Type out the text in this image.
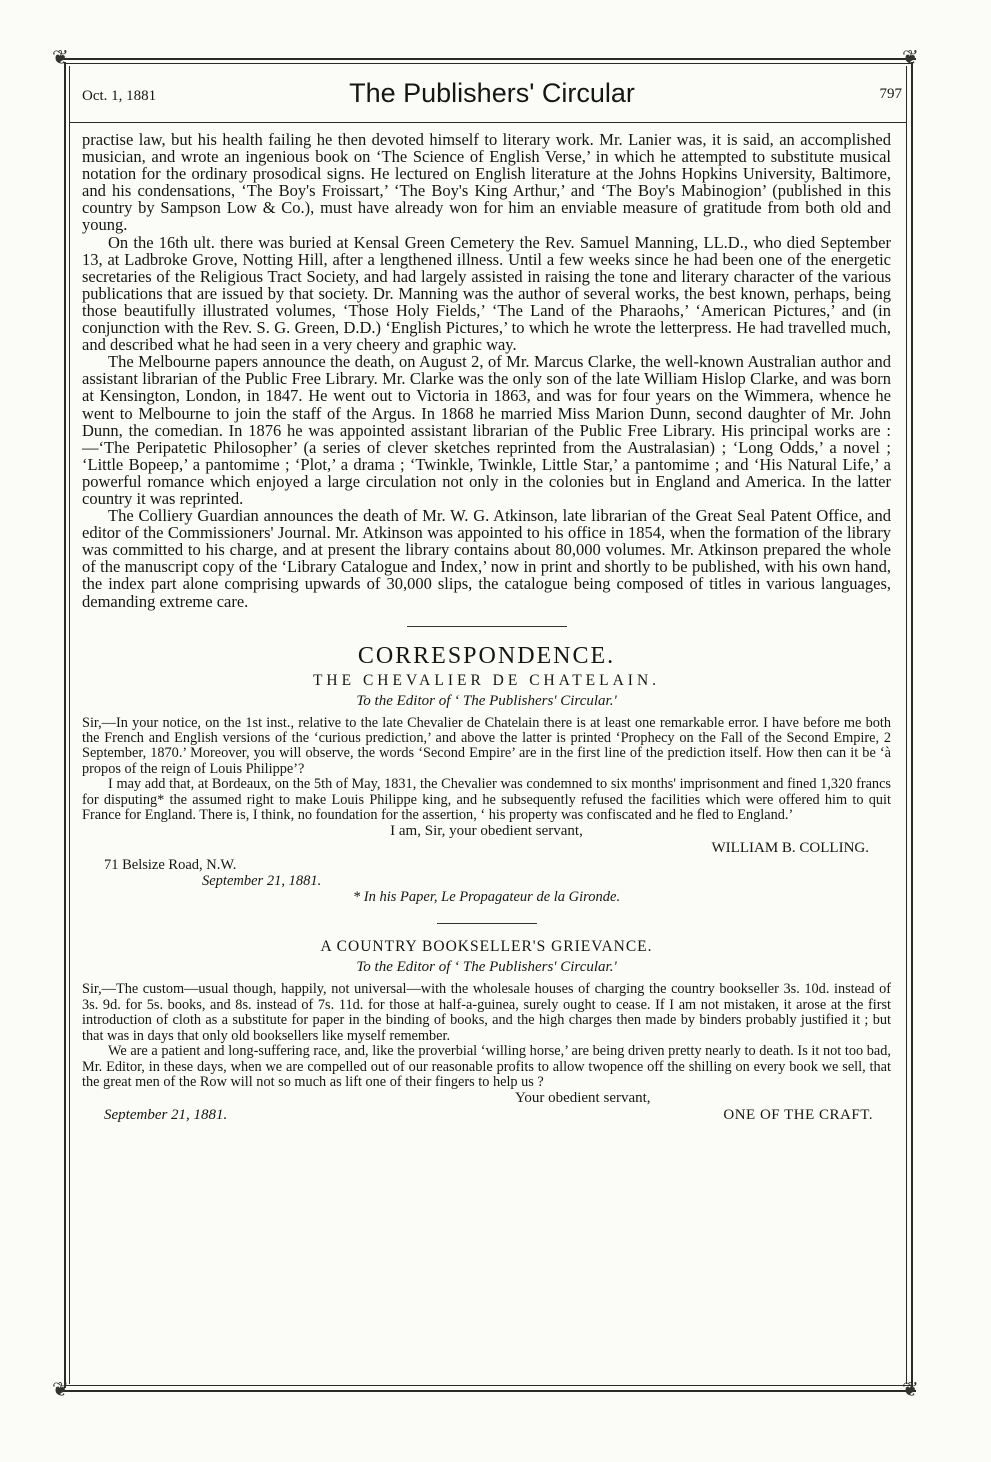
❦	❦
❦	❦
Oct. 1, 1881	The Publishers' Circular	797

practise law, but his health failing he then devoted himself to literary work. Mr. Lanier was, it is said, an accomplished musician, and wrote an ingenious book on ‘The Science of English Verse,’ in which he attempted to substitute musical notation for the ordinary prosodical signs. He lectured on English literature at the Johns Hopkins University, Baltimore, and his condensations, ‘The Boy's Froissart,’ ‘The Boy's King Arthur,’ and ‘The Boy's Mabinogion’ (published in this country by Sampson Low & Co.), must have already won for him an enviable measure of gratitude from both old and young.

On the 16th ult. there was buried at Kensal Green Cemetery the Rev. Samuel Manning, LL.D., who died September 13, at Ladbroke Grove, Notting Hill, after a lengthened illness. Until a few weeks since he had been one of the energetic secretaries of the Religious Tract Society, and had largely assisted in raising the tone and literary character of the various publications that are issued by that society. Dr. Manning was the author of several works, the best known, perhaps, being those beautifully illustrated volumes, ‘Those Holy Fields,’ ‘The Land of the Pharaohs,’ ‘American Pictures,’ and (in conjunction with the Rev. S. G. Green, D.D.) ‘English Pictures,’ to which he wrote the letterpress. He had travelled much, and described what he had seen in a very cheery and graphic way.

The Melbourne papers announce the death, on August 2, of Mr. Marcus Clarke, the well-known Australian author and assistant librarian of the Public Free Library. Mr. Clarke was the only son of the late William Hislop Clarke, and was born at Kensington, London, in 1847. He went out to Victoria in 1863, and was for four years on the Wimmera, whence he went to Melbourne to join the staff of the Argus. In 1868 he married Miss Marion Dunn, second daughter of Mr. John Dunn, the comedian. In 1876 he was appointed assistant librarian of the Public Free Library. His principal works are :—‘The Peripatetic Philosopher’ (a series of clever sketches reprinted from the Australasian) ; ‘Long Odds,’ a novel ; ‘Little Bopeep,’ a pantomime ; ‘Plot,’ a drama ; ‘Twinkle, Twinkle, Little Star,’ a pantomime ; and ‘His Natural Life,’ a powerful romance which enjoyed a large circulation not only in the colonies but in England and America. In the latter country it was reprinted.

The Colliery Guardian announces the death of Mr. W. G. Atkinson, late librarian of the Great Seal Patent Office, and editor of the Commissioners' Journal. Mr. Atkinson was appointed to his office in 1854, when the formation of the library was committed to his charge, and at present the library contains about 80,000 volumes. Mr. Atkinson prepared the whole of the manuscript copy of the ‘Library Catalogue and Index,’ now in print and shortly to be published, with his own hand, the index part alone comprising upwards of 30,000 slips, the catalogue being composed of titles in various languages, demanding extreme care.

CORRESPONDENCE.
THE CHEVALIER DE CHATELAIN.
To the Editor of ‘ The Publishers' Circular.'

Sir,—In your notice, on the 1st inst., relative to the late Chevalier de Chatelain there is at least one remarkable error. I have before me both the French and English versions of the ‘curious prediction,’ and above the latter is printed ‘Prophecy on the Fall of the Second Empire, 2 September, 1870.’ Moreover, you will observe, the words ‘Second Empire’ are in the first line of the prediction itself. How then can it be ‘à propos of the reign of Louis Philippe’?

I may add that, at Bordeaux, on the 5th of May, 1831, the Chevalier was condemned to six months' imprisonment and fined 1,320 francs for disputing* the assumed right to make Louis Philippe king, and he subsequently refused the facilities which were offered him to quit France for England. There is, I think, no foundation for the assertion, ‘ his property was confiscated and he fled to England.’

I am, Sir, your obedient servant,
WILLIAM B. COLLING.
71 Belsize Road, N.W.
September 21, 1881.
* In his Paper, Le Propagateur de la Gironde.
A COUNTRY BOOKSELLER'S GRIEVANCE.
To the Editor of ‘ The Publishers' Circular.'

Sir,—The custom—usual though, happily, not universal—with the wholesale houses of charging the country bookseller 3s. 10d. instead of 3s. 9d. for 5s. books, and 8s. instead of 7s. 11d. for those at half-a-guinea, surely ought to cease. If I am not mistaken, it arose at the first introduction of cloth as a substitute for paper in the binding of books, and the high charges then made by binders probably justified it ; but that was in days that only old booksellers like myself remember.

We are a patient and long-suffering race, and, like the proverbial ‘willing horse,’ are being driven pretty nearly to death. Is it not too bad, Mr. Editor, in these days, when we are compelled out of our reasonable profits to allow twopence off the shilling on every book we sell, that the great men of the Row will not so much as lift one of their fingers to help us ?

Your obedient servant,
September 21, 1881.	ONE OF THE CRAFT.
